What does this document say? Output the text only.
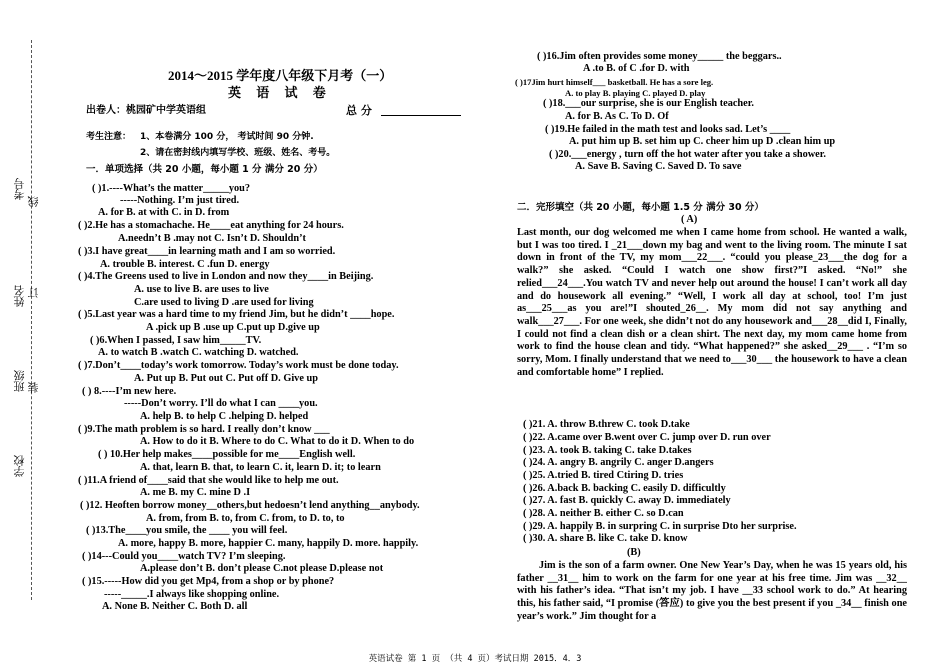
考号
线
姓名 订
班级 装
学校
2014～2015 学年度八年级下月考（一）
英 语 试 卷
出卷人：桃园矿中学英语组	总 分
考生注意： 1、本卷满分 100 分， 考试时间 90 分钟.
2、请在密封线内填写学校、班级、姓名、考号。
一．单项选择（共 20 小题，每小题 1 分 满分 20 分）
( )1.----What’s the matter_____you?
-----Nothing. I’m just tired.
A. for B. at with C. in D. from
( )2.He has a stomachache. He____eat anything for 24 hours.
A.needn’t B .may not C. Isn’t D. Shouldn’t
( )3.I have great____in learning math and I am so worried.
A. trouble B. interest. C .fun D. energy
( )4.The Greens used to live in London and now they____in Beijing.
A. use to live B. are uses to live
C.are used to living D .are used for living
( )5.Last year was a hard time to my friend Jim, but he didn’t ____hope.
A .pick up B .use up C.put up D.give up
( )6.When I passed, I saw him_____TV.
A. to watch B .watch C. watching D. watched.
( )7.Don’t____today’s work tomorrow. Today’s work must be done today.
A. Put up B. Put out C. Put off D. Give up
( ) 8.----I’m new here.
-----Don’t worry. I’ll do what I can ____you.
A. help B. to help C .helping D. helped
( )9.The math problem is so hard. I really don’t know ___
A. How to do it B. Where to do C. What to do it D. When to do
( ) 10.Her help makes____possible for me____English well.
A. that, learn B. that, to learn C. it, learn D. it; to learn
( )11.A friend of____said that she would like to help me out.
A. me B. my C. mine D .I
( )12. Heoften borrow money__others,but hedoesn’t lend anything__anybody.
A. from, from B. to, from C. from, to D. to, to
( )13.The____you smile, the ____ you will feel.
A. more, happy B. more, happier C. many, happily D. more. happily.
( )14---Could you____watch TV? I’m sleeping.
A.please don’t B. don’t please C.not please D.please not
( )15.-----How did you get Mp4, from a shop or by phone?
-----_____.I always like shopping online.
A. None B. Neither C. Both D. all
( )16.Jim often provides some money_____ the beggars..
A .to B. of C .for D. with
( )17Jim hurt himself___ basketball. He has a sore leg.
A. to play B. playing C. played D. play
( )18.___our surprise, she is our English teacher.
A. for B. As C. To D. Of
( )19.He failed in the math test and looks sad. Let’s ____
A. put him up B. set him up C. cheer him up D .clean him up
( )20.___energy , turn off the hot water after you take a shower.
A. Save B. Saving C. Saved D. To save
二．完形填空（共 20 小题，每小题 1.5 分 满分 30 分）
( A)
Last month, our dog welcomed me when I came home from school. He wanted a walk, but I was too tired. I _21___down my bag and went to the living room. The minute I sat down in front of the TV, my mom___22___. “could you please_23___the dog for a walk?” she asked. “Could I watch one show first?”I asked. “No!” she relied___24___.You watch TV and never help out around the house! I can’t work all day and do housework all evening.” “Well, I work all day at school, too! I’m just as___25___as you are!”I shouted_26__. My mom did not say anything and walk___27___. For one week, she didn’t not do any housework and___28__did I, Finally, I could not find a clean dish or a clean shirt. The next day, my mom came home from work to find the house clean and tidy. “What happened?” she asked__29___ . “I’m so sorry, Mom. I finally understand that we need to___30___ the housework to have a clean and comfortable home” I replied.
( )21. A. throw B.threw C. took D.take
( )22. A.came over B.went over C. jump over D. run over
( )23. A. took B. taking C. take D.takes
( )24. A. angry B. angrily C. anger D.angers
( )25. A.tried B. tired Ctiring D. tries
( )26. A.back B. backing C. easily D. difficultly
( )27. A. fast B. quickly C. away D. immediately
( )28. A. neither B. either C. so D.can
( )29. A. happily B. in surpring C. in surprise Dto her surprise.
( )30. A. share B. like C. take D. know
(B)
Jim is the son of a farm owner. One New Year’s Day, when he was 15 years old, his father __31__ him to work on the farm for one year at his free time. Jim was __32__ with his father’s idea. “That isn’t my job. I have __33 school work to do.” At hearing this, his father said, “I promise (答应) to give you the best present if you _34__ finish one year’s work.” Jim thought for a
英语试卷 第 1 页 （共 4 页）考试日期 2015．4．3
